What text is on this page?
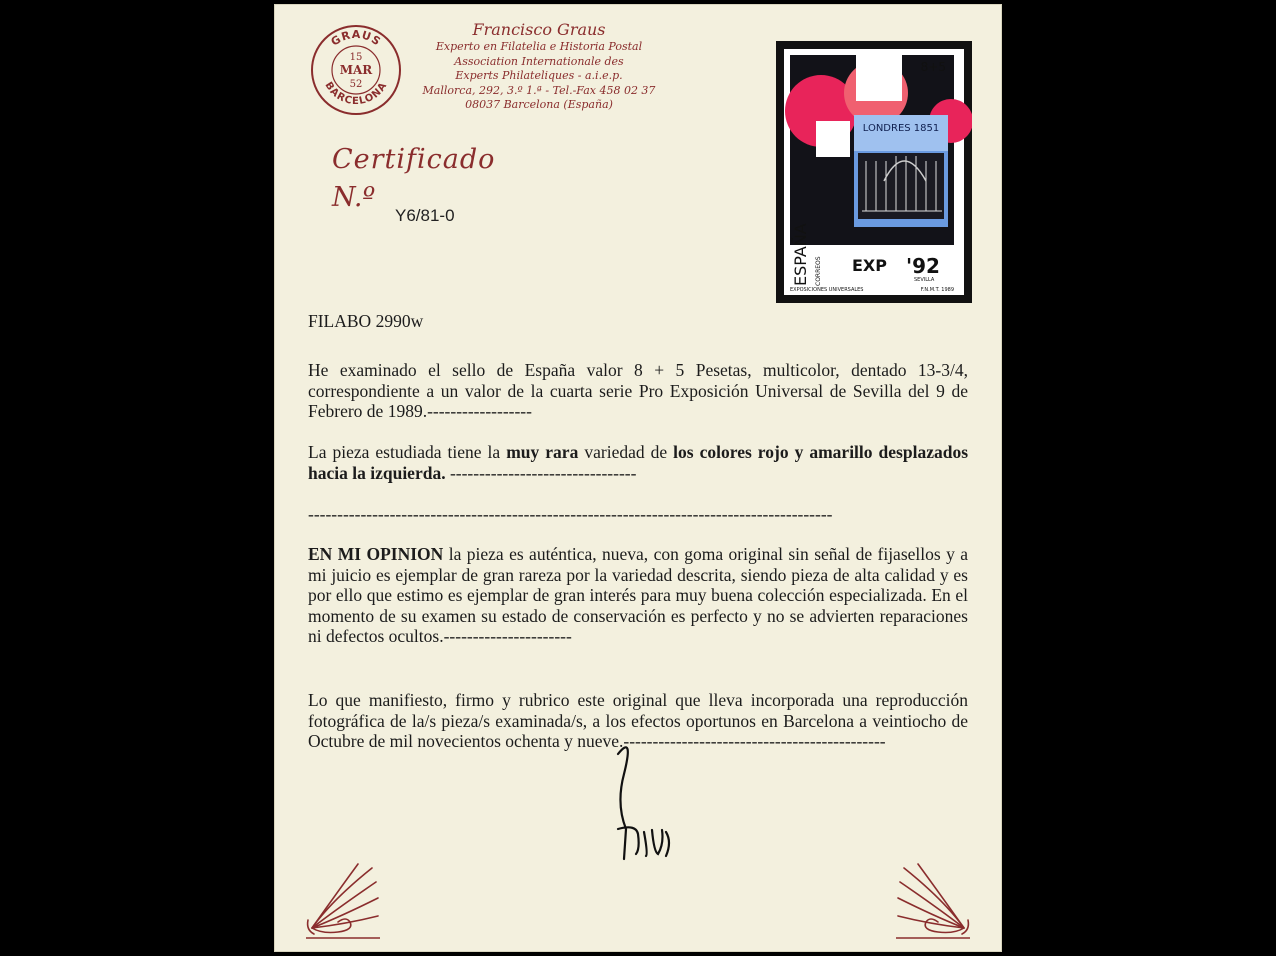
GRAUS
BARCELONA
15
MAR
52
Francisco Graus
Experto en Filatelia e Historia Postal
Association Internationale des
Experts Philateliques - a.i.e.p.
Mallorca, 292, 3.º 1.ª - Tel.-Fax 458 02 37
08037 Barcelona (España)
Certificado
N.º
Y6/81-0
LONDRES 1851
8+5
ESPAÑA CORREOS EXP '92
SEVILLA
EXPOSICIONES UNIVERSALES	F.N.M.T. 1989
FILABO 2990w
He examinado el sello de España valor 8 + 5 Pesetas, multicolor, dentado 13-3/4, correspondiente a un valor de la cuarta serie Pro Exposición Universal de Sevilla del 9 de Febrero de 1989.------------------
La pieza estudiada tiene la muy rara variedad de los colores rojo y amarillo desplazados hacia la izquierda. --------------------------------
------------------------------------------------------------------------------------------
EN MI OPINION la pieza es auténtica, nueva, con goma original sin señal de fijasellos y a mi juicio es ejemplar de gran rareza por la variedad descrita, siendo pieza de alta calidad y es por ello que estimo es ejemplar de gran interés para muy buena colección especializada. En el momento de su examen su estado de conservación es perfecto y no se advierten reparaciones ni defectos ocultos.----------------------
Lo que manifiesto, firmo y rubrico este original que lleva incorporada una reproducción fotográfica de la/s pieza/s examinada/s, a los efectos oportunos en Barcelona a veintiocho de Octubre de mil novecientos ochenta y nueve.---------------------------------------------
